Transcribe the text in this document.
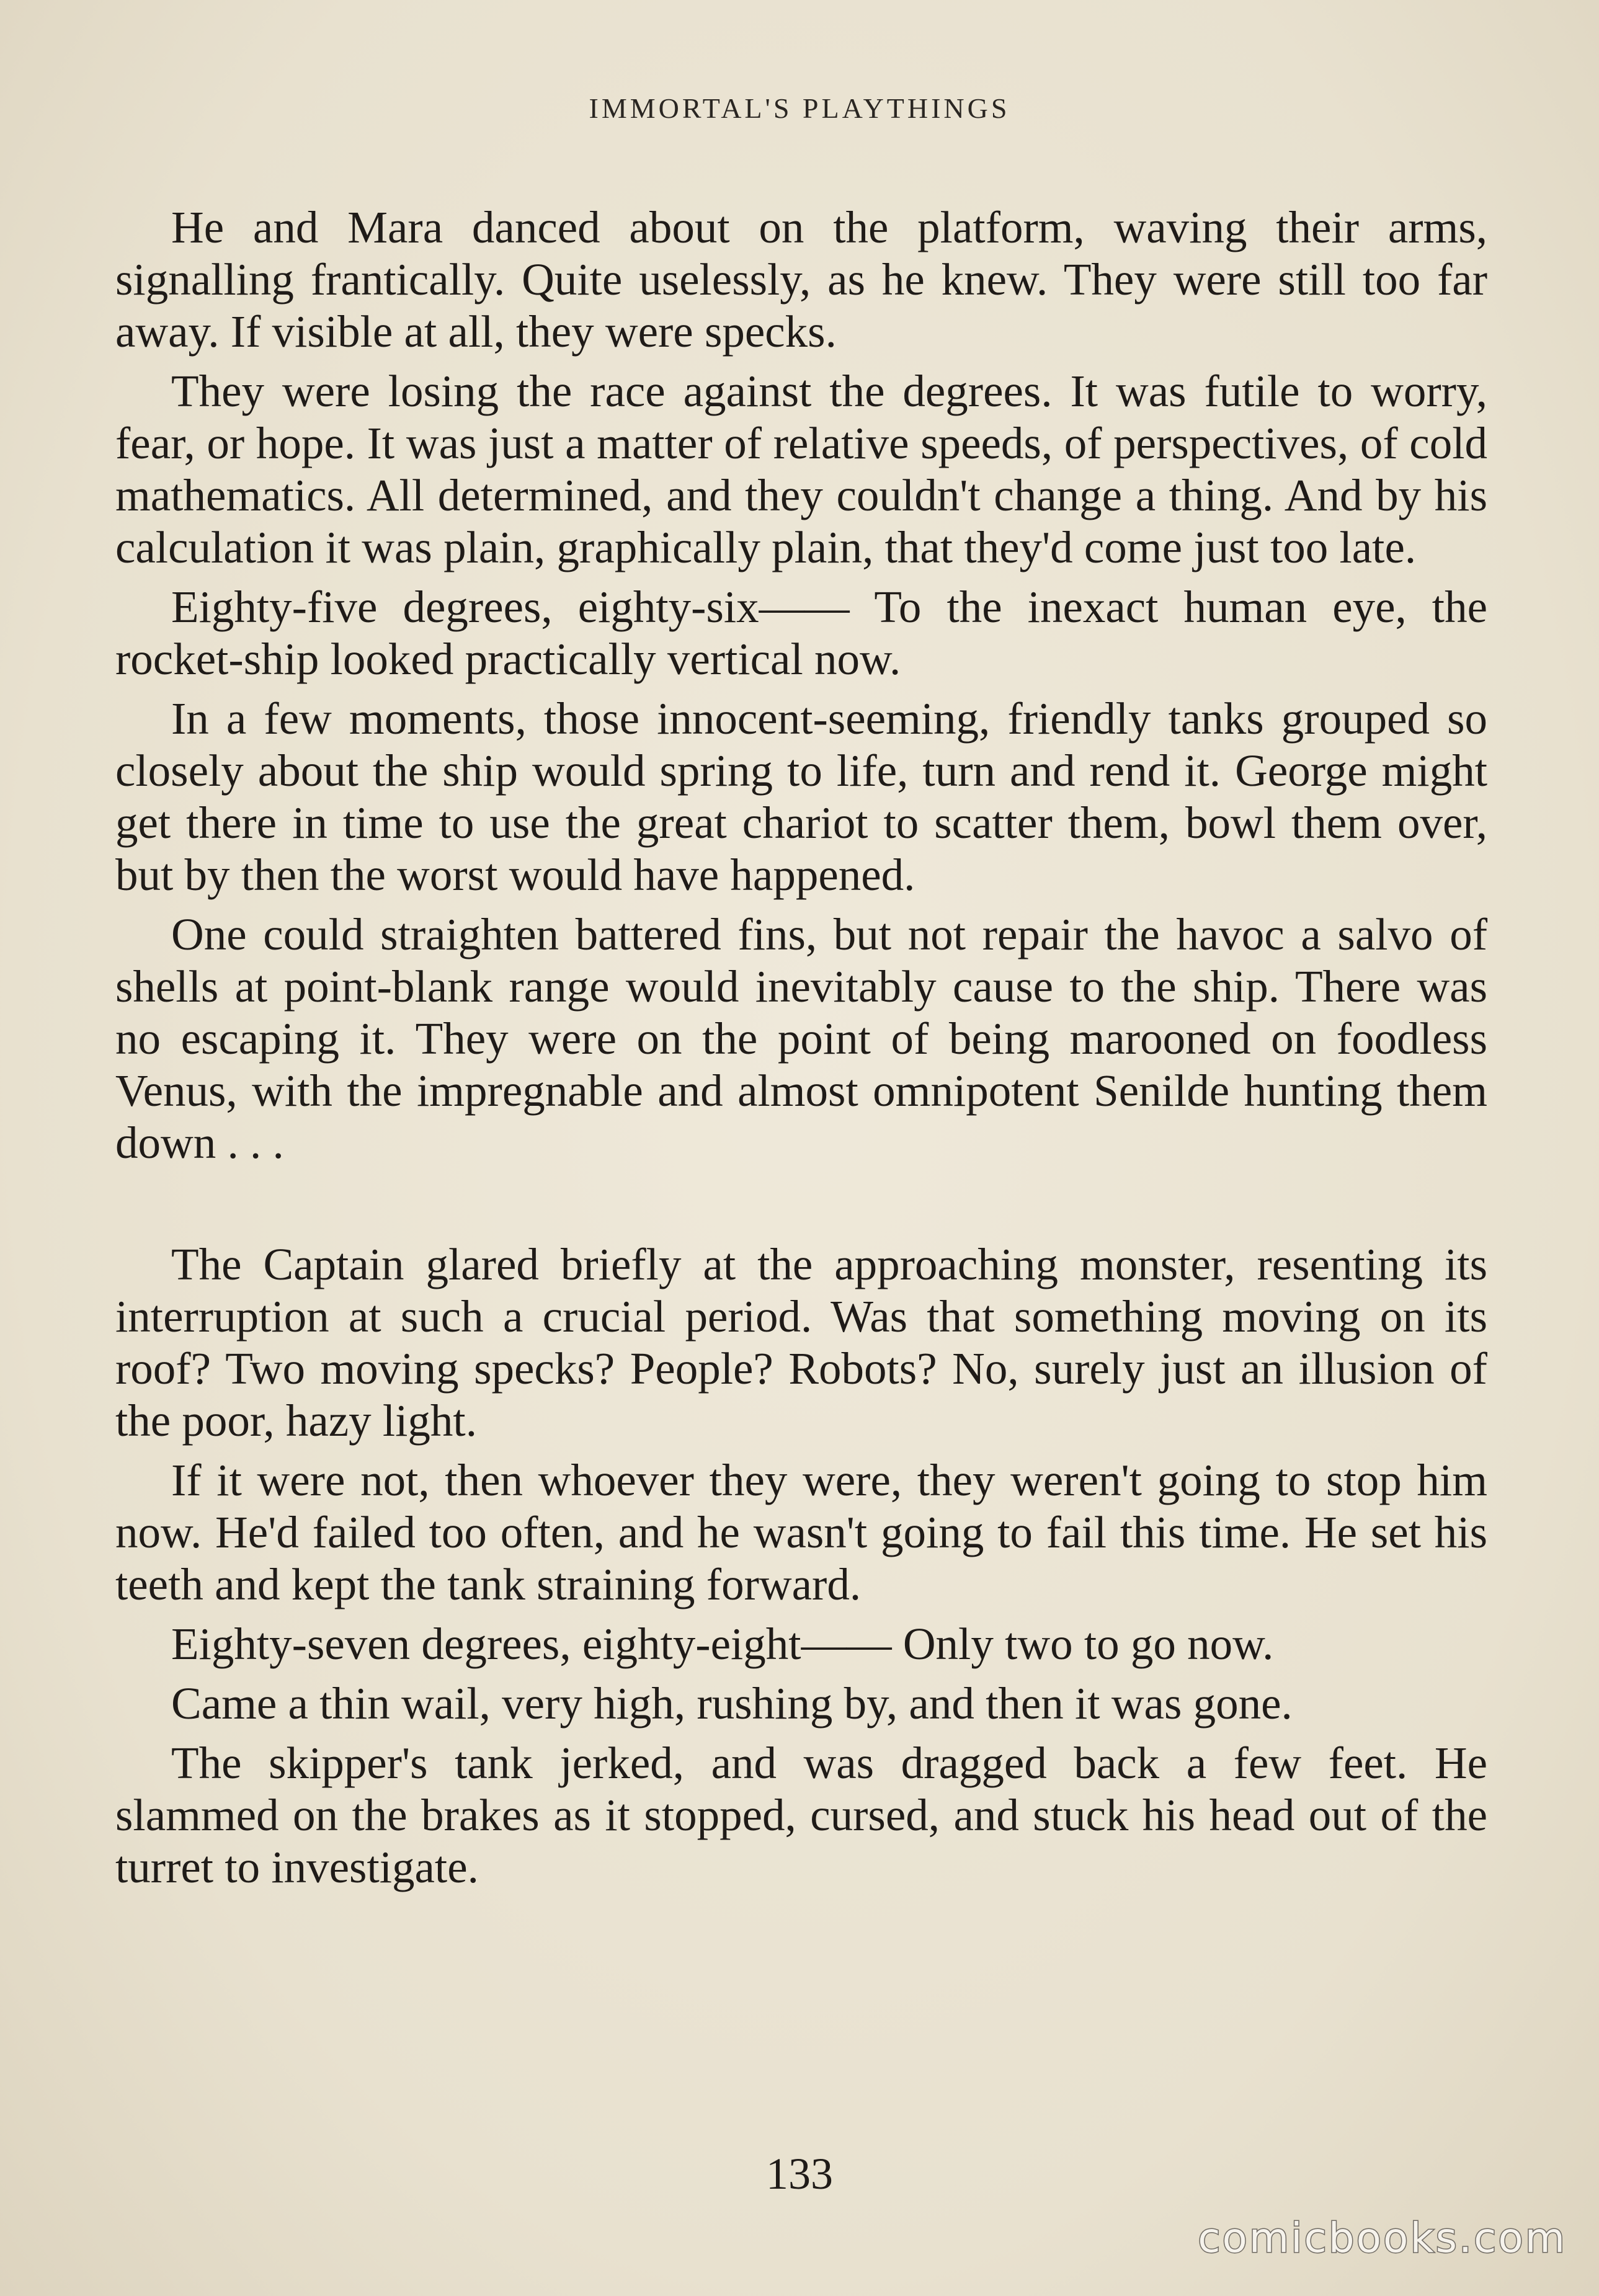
IMMORTAL'S PLAYTHINGS

He and Mara danced about on the platform, waving their arms, signalling frantically. Quite uselessly, as he knew. They were still too far away. If visible at all, they were specks.

They were losing the race against the degrees. It was futile to worry, fear, or hope. It was just a matter of relative speeds, of perspectives, of cold mathematics. All determined, and they couldn't change a thing. And by his calculation it was plain, graphically plain, that they'd come just too late.

Eighty-five degrees, eighty-six—— To the inexact human eye, the rocket-ship looked practically vertical now.

In a few moments, those innocent-seeming, friendly tanks grouped so closely about the ship would spring to life, turn and rend it. George might get there in time to use the great chariot to scatter them, bowl them over, but by then the worst would have happened.

One could straighten battered fins, but not repair the havoc a salvo of shells at point-blank range would inevitably cause to the ship. There was no escaping it. They were on the point of being marooned on foodless Venus, with the impregnable and almost omnipotent Senilde hunting them down . . .

The Captain glared briefly at the approaching monster, resenting its interruption at such a crucial period. Was that something moving on its roof? Two moving specks? People? Robots? No, surely just an illusion of the poor, hazy light.

If it were not, then whoever they were, they weren't going to stop him now. He'd failed too often, and he wasn't going to fail this time. He set his teeth and kept the tank straining forward.

Eighty-seven degrees, eighty-eight—— Only two to go now.

Came a thin wail, very high, rushing by, and then it was gone.

The skipper's tank jerked, and was dragged back a few feet. He slammed on the brakes as it stopped, cursed, and stuck his head out of the turret to investigate.

133
comicbooks.com
